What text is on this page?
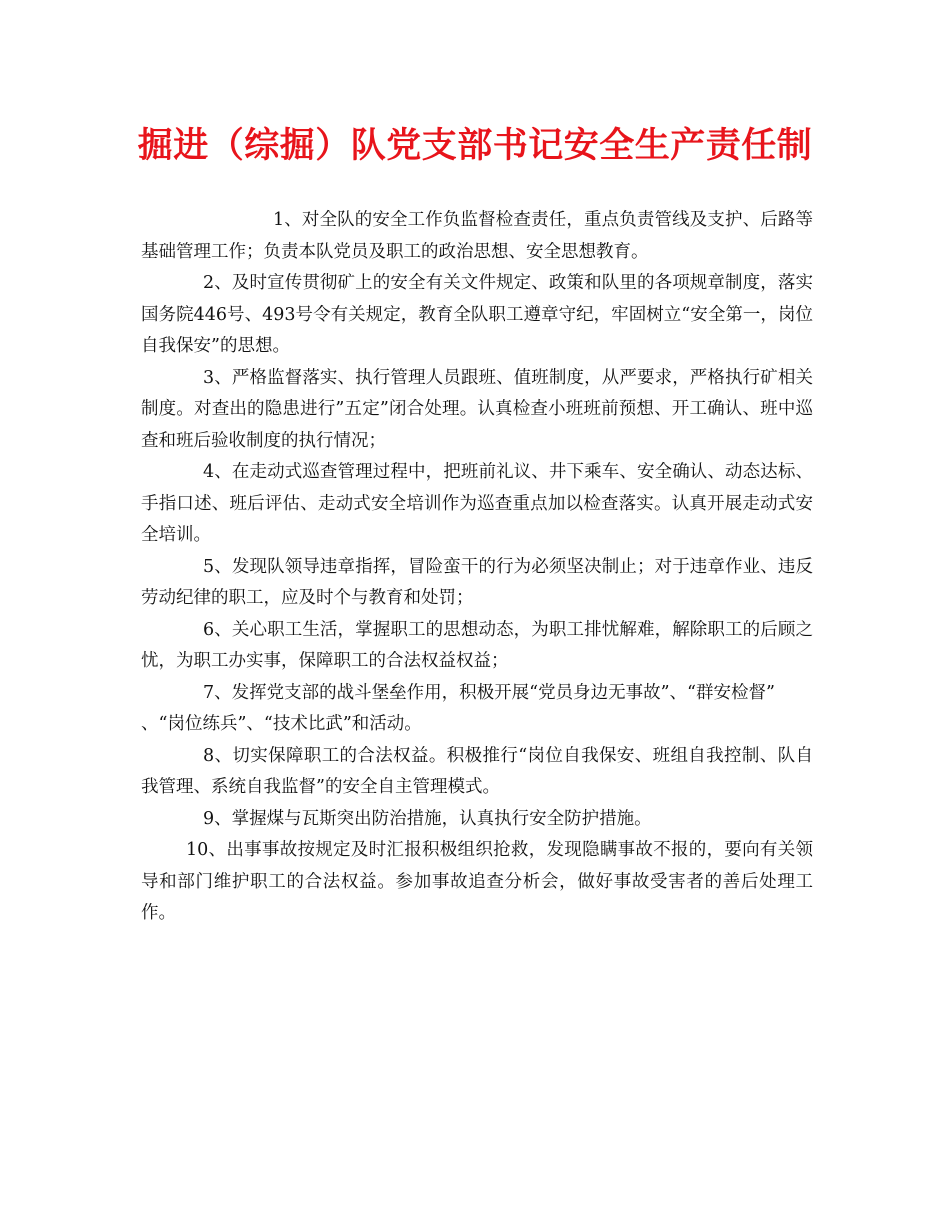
掘进（综掘）队党支部书记安全生产责任制

1、对全队的安全工作负监督检查责任，重点负责管线及支护、后路等基础管理工作；负责本队党员及职工的政治思想、安全思想教育。

2、及时宣传贯彻矿上的安全有关文件规定、政策和队里的各项规章制度，落实国务院446号、493号令有关规定，教育全队职工遵章守纪，牢固树立“安全第一，岗位自我保安”的思想。

3、严格监督落实、执行管理人员跟班、值班制度，从严要求，严格执行矿相关制度。对查出的隐患进行”五定”闭合处理。认真检查小班班前预想、开工确认、班中巡查和班后验收制度的执行情况；

4、在走动式巡查管理过程中，把班前礼议、井下乘车、安全确认、动态达标、手指口述、班后评估、走动式安全培训作为巡查重点加以检查落实。认真开展走动式安全培训。

5、发现队领导违章指挥，冒险蛮干的行为必须坚决制止；对于违章作业、违反劳动纪律的职工，应及时个与教育和处罚；

6、关心职工生活，掌握职工的思想动态，为职工排忧解难，解除职工的后顾之忧，为职工办实事，保障职工的合法权益权益；

7、发挥党支部的战斗堡垒作用，积极开展“党员身边无事故”、“群安检督”

、“岗位练兵”、“技术比武”和活动。

8、切实保障职工的合法权益。积极推行“岗位自我保安、班组自我控制、队自我管理、系统自我监督”的安全自主管理模式。

9、掌握煤与瓦斯突出防治措施，认真执行安全防护措施。

10、出事事故按规定及时汇报积极组织抢救，发现隐瞒事故不报的，要向有关领导和部门维护职工的合法权益。参加事故追查分析会，做好事故受害者的善后处理工作。
